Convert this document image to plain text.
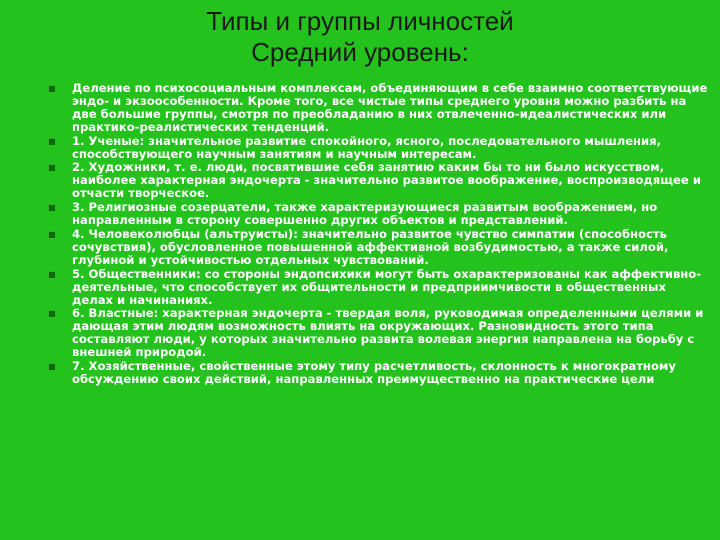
Типы и группы личностей
Средний уровень:
Деление по психосоциальным комплексам, объединяющим в себе взаимно соответствующие эндо- и экзоособенности. Кроме того, все чистые типы среднего уровня можно разбить на две большие группы, смотря по преобладанию в них отвлеченно-идеалистических или практико-реалистических тенденций.
1. Ученые: значительное развитие спокойного, ясного, последовательного мышления, способствующего научным занятиям и научным интересам.
2. Художники, т. е. люди, посвятившие себя занятию каким бы то ни было искусством, наиболее характерная эндочерта - значительно развитое воображение, воспроизводящее и отчасти творческое.
3. Религиозные созерцатели, также характеризующиеся развитым воображением, но направленным в сторону совершенно других объектов и представлений.
4. Человеколюбцы (альтруисты): значительно развитое чувство симпатии (способность сочувствия), обусловленное повышенной аффективной возбудимостью, а также силой, глубиной и устойчивостью отдельных чувствований.
5. Общественники: со стороны эндопсихики могут быть охарактеризованы как аффективно-деятельные, что способствует их общительности и предприимчивости в общественных делах и начинаниях.
6. Властные: характерная эндочерта - твердая воля, руководимая определенными целями и дающая этим людям возможность влиять на окружающих. Разновидность этого типа составляют люди, у которых значительно развита волевая энергия направлена на борьбу с внешней природой.
7. Хозяйственные, свойственные этому типу расчетливость, склонность к многократному обсуждению своих действий, направленных преимущественно на практические цели
